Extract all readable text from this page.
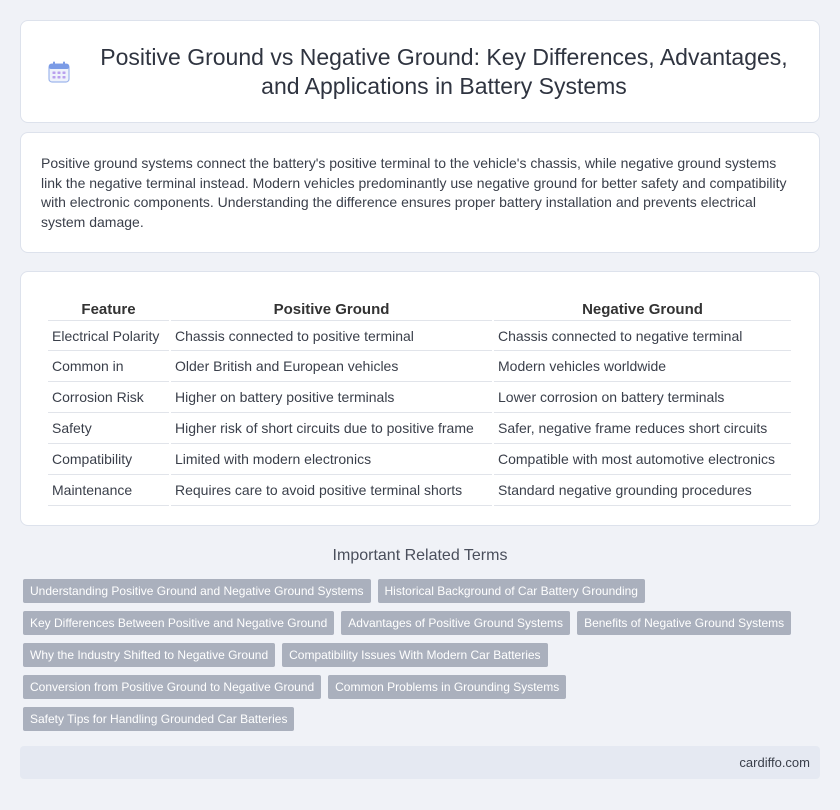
Positive Ground vs Negative Ground: Key Differences, Advantages, and Applications in Battery Systems

Positive ground systems connect the battery's positive terminal to the vehicle's chassis, while negative ground systems link the negative terminal instead. Modern vehicles predominantly use negative ground for better safety and compatibility with electronic components. Understanding the difference ensures proper battery installation and prevents electrical system damage.

Feature	Positive Ground	Negative Ground
Electrical Polarity	Chassis connected to positive terminal	Chassis connected to negative terminal
Common in	Older British and European vehicles	Modern vehicles worldwide
Corrosion Risk	Higher on battery positive terminals	Lower corrosion on battery terminals
Safety	Higher risk of short circuits due to positive frame	Safer, negative frame reduces short circuits
Compatibility	Limited with modern electronics	Compatible with most automotive electronics
Maintenance	Requires care to avoid positive terminal shorts	Standard negative grounding procedures
Important Related Terms
Understanding Positive Ground and Negative Ground Systems	Historical Background of Car Battery Grounding
Key Differences Between Positive and Negative Ground	Advantages of Positive Ground Systems	Benefits of Negative Ground Systems
Why the Industry Shifted to Negative Ground	Compatibility Issues With Modern Car Batteries
Conversion from Positive Ground to Negative Ground	Common Problems in Grounding Systems
Safety Tips for Handling Grounded Car Batteries
cardiffo.com
